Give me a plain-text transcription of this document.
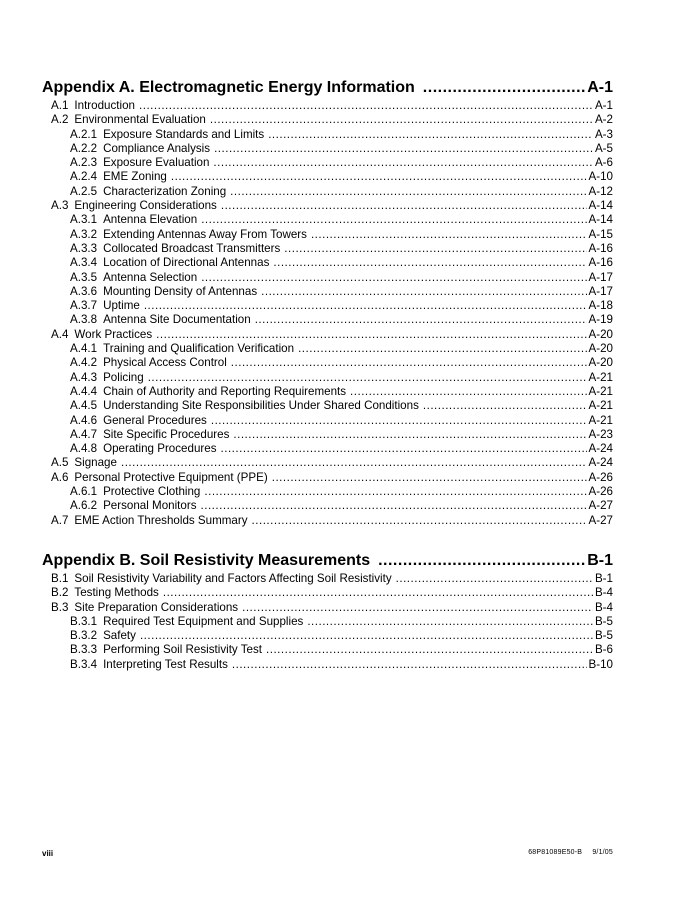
Appendix A. Electromagnetic Energy Information .....	A-1
A.1 Introduction .....	A-1
A.2 Environmental Evaluation .....	A-2
A.2.1 Exposure Standards and Limits .....	A-3
A.2.2 Compliance Analysis .....	A-5
A.2.3 Exposure Evaluation .....	A-6
A.2.4 EME Zoning .....	A-10
A.2.5 Characterization Zoning .....	A-12
A.3 Engineering Considerations .....	A-14
A.3.1 Antenna Elevation .....	A-14
A.3.2 Extending Antennas Away From Towers .....	A-15
A.3.3 Collocated Broadcast Transmitters .....	A-16
A.3.4 Location of Directional Antennas .....	A-16
A.3.5 Antenna Selection .....	A-17
A.3.6 Mounting Density of Antennas .....	A-17
A.3.7 Uptime .....	A-18
A.3.8 Antenna Site Documentation .....	A-19
A.4 Work Practices .....	A-20
A.4.1 Training and Qualification Verification .....	A-20
A.4.2 Physical Access Control .....	A-20
A.4.3 Policing .....	A-21
A.4.4 Chain of Authority and Reporting Requirements .....	A-21
A.4.5 Understanding Site Responsibilities Under Shared Conditions .....	A-21
A.4.6 General Procedures .....	A-21
A.4.7 Site Specific Procedures .....	A-23
A.4.8 Operating Procedures .....	A-24
A.5 Signage .....	A-24
A.6 Personal Protective Equipment (PPE) .....	A-26
A.6.1 Protective Clothing .....	A-26
A.6.2 Personal Monitors .....	A-27
A.7 EME Action Thresholds Summary .....	A-27
Appendix B. Soil Resistivity Measurements .....	B-1
B.1 Soil Resistivity Variability and Factors Affecting Soil Resistivity .....	B-1
B.2 Testing Methods .....	B-4
B.3 Site Preparation Considerations .....	B-4
B.3.1 Required Test Equipment and Supplies .....	B-5
B.3.2 Safety .....	B-5
B.3.3 Performing Soil Resistivity Test .....	B-6
B.3.4 Interpreting Test Results .....	B-10
viii	68P81089E50-B 9/1/05
